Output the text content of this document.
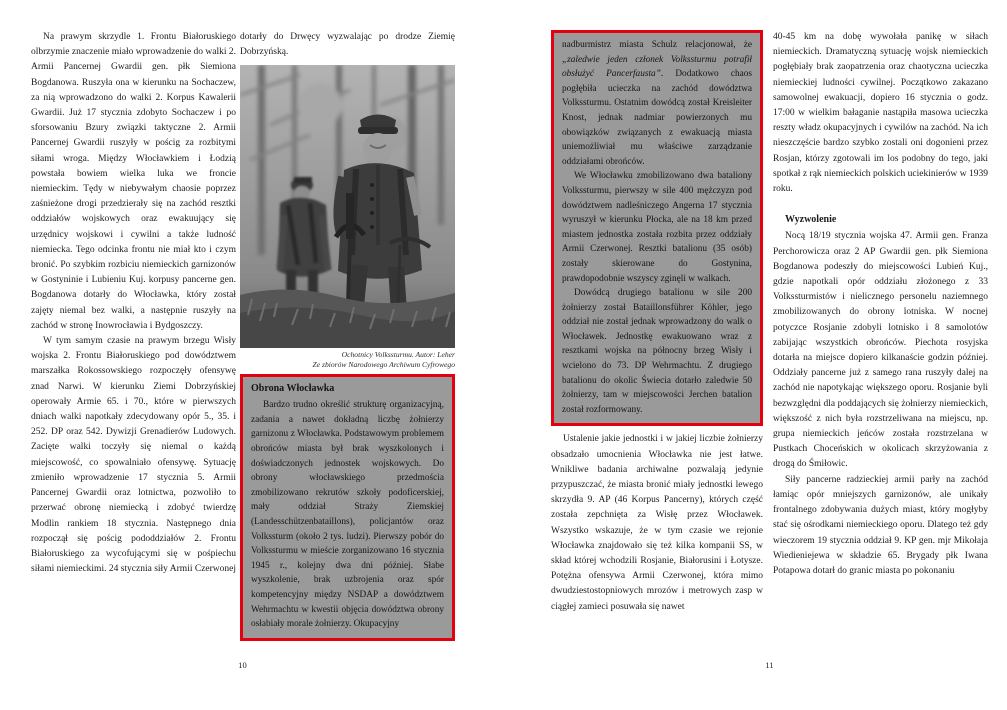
Na prawym skrzydle 1. Frontu Białoruskiego olbrzymie znaczenie miało wprowadzenie do walki 2. Armii Pancernej Gwardii gen. płk Siemiona Bogdanowa. Ruszyła ona w kierunku na Sochaczew, za nią wprowadzono do walki 2. Korpus Kawalerii Gwardii. Już 17 stycznia zdobyto Sochaczew i po sforsowaniu Bzury związki taktyczne 2. Armii Pancernej Gwardii ruszyły w pościg za rozbitymi siłami wroga. Między Włocławkiem i Łodzią powstała bowiem wielka luka we froncie niemieckim. Tędy w niebywałym chaosie poprzez zaśnieżone drogi przedzierały się na zachód resztki oddziałów wojskowych oraz ewakuujący się urzędnicy wojskowi i cywilni a także ludność niemiecka. Tego odcinka frontu nie miał kto i czym bronić. Po szybkim rozbiciu niemieckich garnizonów w Gostyninie i Lubieniu Kuj. korpusy pancerne gen. Bogdanowa dotarły do Włocławka, który został zajęty niemal bez walki, a następnie ruszyły na zachód w stronę Inowrocławia i Bydgoszczy.

W tym samym czasie na prawym brzegu Wisły wojska 2. Frontu Białoruskiego pod dowództwem marszałka Rokossowskiego rozpoczęły ofensywę znad Narwi. W kierunku Ziemi Dobrzyńskiej operowały Armie 65. i 70., które w pierwszych dniach walki napotkały zdecydowany opór 5., 35. i 252. DP oraz 542. Dywizji Grenadierów Ludowych. Zacięte walki toczyły się niemal o każdą miejscowość, co spowalniało ofensywę. Sytuację zmieniło wprowadzenie 17 stycznia 5. Armii Pancernej Gwardii oraz lotnictwa, pozwoliło to przerwać obronę niemiecką i zdobyć twierdzę Modlin rankiem 18 stycznia. Następnego dnia rozpoczął się pościg pododdziałów 2. Frontu Białoruskiego za wycofującymi się w pośpiechu siłami niemieckimi. 24 stycznia siły Armii Czerwonej

dotarły do Drwęcy wyzwalając po drodze Ziemię Dobrzyńską.

Ochotnicy Volkssturmu. Autor: Leher
Ze zbiorów Narodowego Archiwum Cyfrowego

Obrona Włocławka

Bardzo trudno określić strukturę organizacyjną, zadania a nawet dokładną liczbę żołnierzy garnizonu z Włocławka. Podstawowym problemem obrońców miasta był brak wyszkolonych i doświadczonych jednostek wojskowych. Do obrony włocławskiego przedmościa zmobilizowano rekrutów szkoły podoficerskiej, mały oddział Straży Ziemskiej (Landesschützenbataillons), policjantów oraz Volkssturm (około 2 tys. ludzi). Pierwszy pobór do Volkssturmu w mieście zorganizowano 16 stycznia 1945 r., kolejny dwa dni później. Słabe wyszkolenie, brak uzbrojenia oraz spór kompetencyjny między NSDAP a dowództwem Wehrmachtu w kwestii objęcia dowództwa obrony osłabiały morale żołnierzy. Okupacyjny

10

nadburmistrz miasta Schulz relacjonował, że „zaledwie jeden członek Volkssturmu potrafił obsłużyć Pancerfausta”. Dodatkowo chaos pogłębiła ucieczka na zachód dowództwa Volkssturmu. Ostatnim dowódcą został Kreisleiter Knost, jednak nadmiar powierzonych mu obowiązków związanych z ewakuacją miasta uniemożliwiał mu właściwe zarządzanie oddziałami obrońców.

We Włocławku zmobilizowano dwa bataliony Volkssturmu, pierwszy w sile 400 mężczyzn pod dowództwem nadleśniczego Angerna 17 stycznia wyruszył w kierunku Płocka, ale na 18 km przed miastem jednostka została rozbita przez oddziały Armii Czerwonej. Resztki batalionu (35 osób) zostały skierowane do Gostynina, prawdopodobnie wszyscy zginęli w walkach.

Dowódcą drugiego batalionu w sile 200 żołnierzy został Bataillonsführer Köhler, jego oddział nie został jednak wprowadzony do walk o Włocławek. Jednostkę ewakuowano wraz z resztkami wojska na północny brzeg Wisły i wcielono do 73. DP Wehrmachtu. Z drugiego batalionu do okolic Świecia dotarło zaledwie 50 żołnierzy, tam w miejscowości Jerchen batalion został rozformowany.

Ustalenie jakie jednostki i w jakiej liczbie żołnierzy obsadzało umocnienia Włocławka nie jest łatwe. Wnikliwe badania archiwalne pozwalają jedynie przypuszczać, że miasta bronić miały jednostki lewego skrzydła 9. AP (46 Korpus Pancerny), których część została zepchnięta za Wisłę przez Włocławek. Wszystko wskazuje, że w tym czasie we rejonie Włocławka znajdowało się też kilka kompanii SS, w skład której wchodzili Rosjanie, Białorusini i Łotysze. Potężna ofensywa Armii Czerwonej, która mimo dwudziestostopniowych mrozów i metrowych zasp w ciągłej zamieci posuwała się nawet

40-45 km na dobę wywołała panikę w siłach niemieckich. Dramatyczną sytuację wojsk niemieckich pogłębiały brak zaopatrzenia oraz chaotyczna ucieczka niemieckiej ludności cywilnej. Początkowo zakazano samowolnej ewakuacji, dopiero 16 stycznia o godz. 17:00 w wielkim bałaganie nastąpiła masowa ucieczka reszty władz okupacyjnych i cywilów na zachód. Na ich nieszczęście bardzo szybko zostali oni dogonieni przez Rosjan, którzy zgotowali im los podobny do tego, jaki spotkał z rąk niemieckich polskich uciekinierów w 1939 roku.

Wyzwolenie

Nocą 18/19 stycznia wojska 47. Armii gen. Franza Perchorowicza oraz 2 AP Gwardii gen. płk Siemiona Bogdanowa podeszły do miejscowości Lubień Kuj., gdzie napotkali opór oddziału złożonego z 33 Volkssturmistów i nielicznego personelu naziemnego zmobilizowanych do obrony lotniska. W nocnej potyczce Rosjanie zdobyli lotnisko i 8 samolotów zabijając wszystkich obrońców. Piechota rosyjska dotarła na miejsce dopiero kilkanaście godzin później. Oddziały pancerne już z samego rana ruszyły dalej na zachód nie napotykając większego oporu. Rosjanie byli bezwzględni dla poddających się żołnierzy niemieckich, większość z nich była rozstrzeliwana na miejscu, np. grupa niemieckich jeńców została rozstrzelana w Pustkach Choceńskich w okolicach skrzyżowania z drogą do Śmiłowic.

Siły pancerne radzieckiej armii parły na zachód łamiąc opór mniejszych garnizonów, ale unikały frontalnego zdobywania dużych miast, który mogłyby stać się ośrodkami niemieckiego oporu. Dlatego też gdy wieczorem 19 stycznia oddział 9. KP gen. mjr Mikołaja Wiedieniejewa w składzie 65. Brygady płk Iwana Potapowa dotarł do granic miasta po pokonaniu

11
